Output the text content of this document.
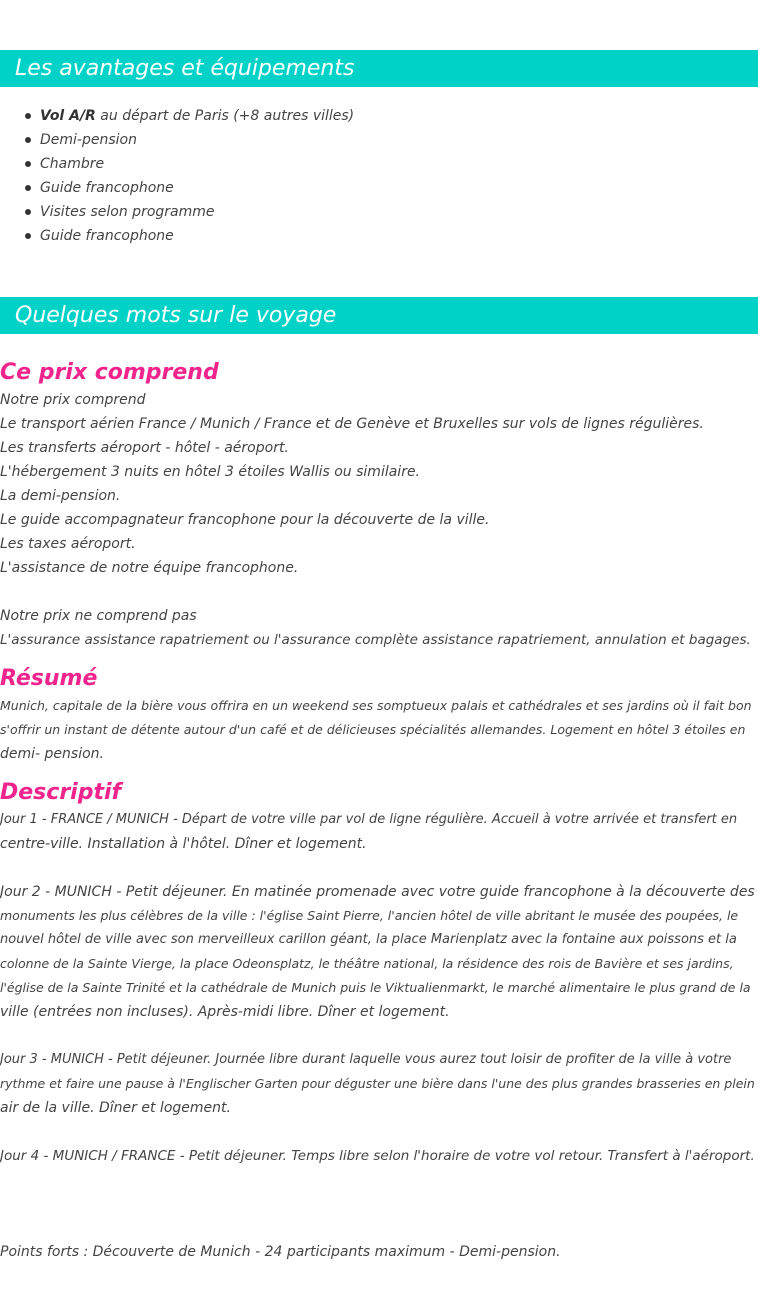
Les avantages et équipements
Vol A/R au départ de Paris (+8 autres villes)
Demi-pension
Chambre
Guide francophone
Visites selon programme
Guide francophone
Quelques mots sur le voyage
Ce prix comprend
Notre prix comprend
Le transport aérien France / Munich / France et de Genève et Bruxelles sur vols de lignes régulières.
Les transferts aéroport - hôtel - aéroport.
L'hébergement 3 nuits en hôtel 3 étoiles Wallis ou similaire.
La demi-pension.
Le guide accompagnateur francophone pour la découverte de la ville.
Les taxes aéroport.
L'assistance de notre équipe francophone.
Notre prix ne comprend pas
L'assurance assistance rapatriement ou l'assurance complète assistance rapatriement, annulation et bagages.
Résumé
Munich, capitale de la bière vous offrira en un weekend ses somptueux palais et cathédrales et ses jardins où il fait bon
s'offrir un instant de détente autour d'un café et de délicieuses spécialités allemandes. Logement en hôtel 3 étoiles en
demi- pension.
Descriptif
Jour 1 - FRANCE / MUNICH - Départ de votre ville par vol de ligne régulière. Accueil à votre arrivée et transfert en
centre-ville. Installation à l'hôtel. Dîner et logement.
Jour 2 - MUNICH - Petit déjeuner. En matinée promenade avec votre guide francophone à la découverte des
monuments les plus célèbres de la ville : l'église Saint Pierre, l'ancien hôtel de ville abritant le musée des poupées, le
nouvel hôtel de ville avec son merveilleux carillon géant, la place Marienplatz avec la fontaine aux poissons et la
colonne de la Sainte Vierge, la place Odeonsplatz, le théâtre national, la résidence des rois de Bavière et ses jardins,
l'église de la Sainte Trinité et la cathédrale de Munich puis le Viktualienmarkt, le marché alimentaire le plus grand de la
ville (entrées non incluses). Après-midi libre. Dîner et logement.
Jour 3 - MUNICH - Petit déjeuner. Journée libre durant laquelle vous aurez tout loisir de profiter de la ville à votre
rythme et faire une pause à l'Englischer Garten pour déguster une bière dans l'une des plus grandes brasseries en plein
air de la ville. Dîner et logement.
Jour 4 - MUNICH / FRANCE - Petit déjeuner. Temps libre selon l'horaire de votre vol retour. Transfert à l'aéroport.
Points forts : Découverte de Munich - 24 participants maximum - Demi-pension.
